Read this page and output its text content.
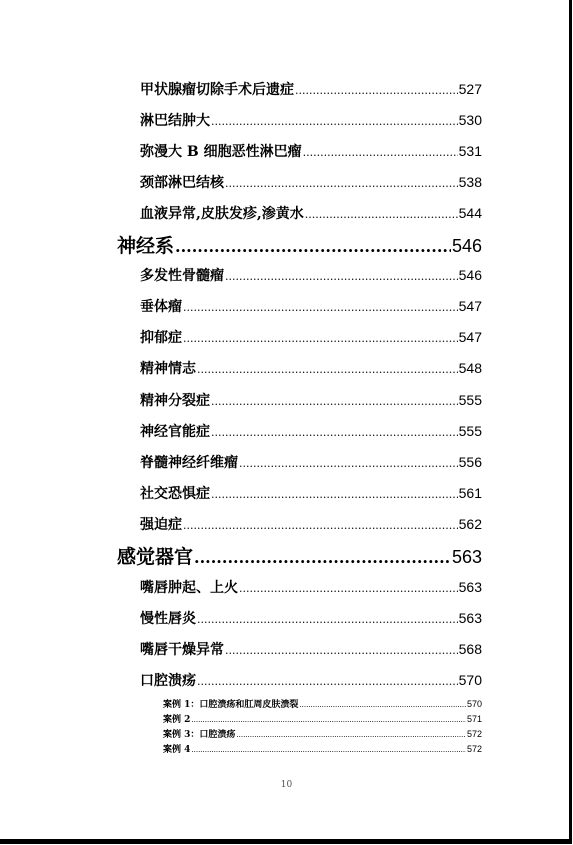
甲状腺瘤切除手术后遗症 .....	527
淋巴结肿大 .....	530
弥漫大 B 细胞恶性淋巴瘤 .....	531
颈部淋巴结核 .....	538
血液异常,皮肤发疹,渗黄水 .....	544
神经系 .....	546
多发性骨髓瘤 .....	546
垂体瘤 .....	547
抑郁症 .....	547
精神情志 .....	548
精神分裂症 .....	555
神经官能症 .....	555
脊髓神经纤维瘤 .....	556
社交恐惧症 .....	561
强迫症 .....	562
感觉器官 .....	563
嘴唇肿起、上火 .....	563
慢性唇炎 .....	563
嘴唇干燥异常 .....	568
口腔溃疡 .....	570
案例 1：口腔溃疡和肛周皮肤溃裂 .....	570
案例 2 .....	571
案例 3：口腔溃疡 .....	572
案例 4 .....	572
10
